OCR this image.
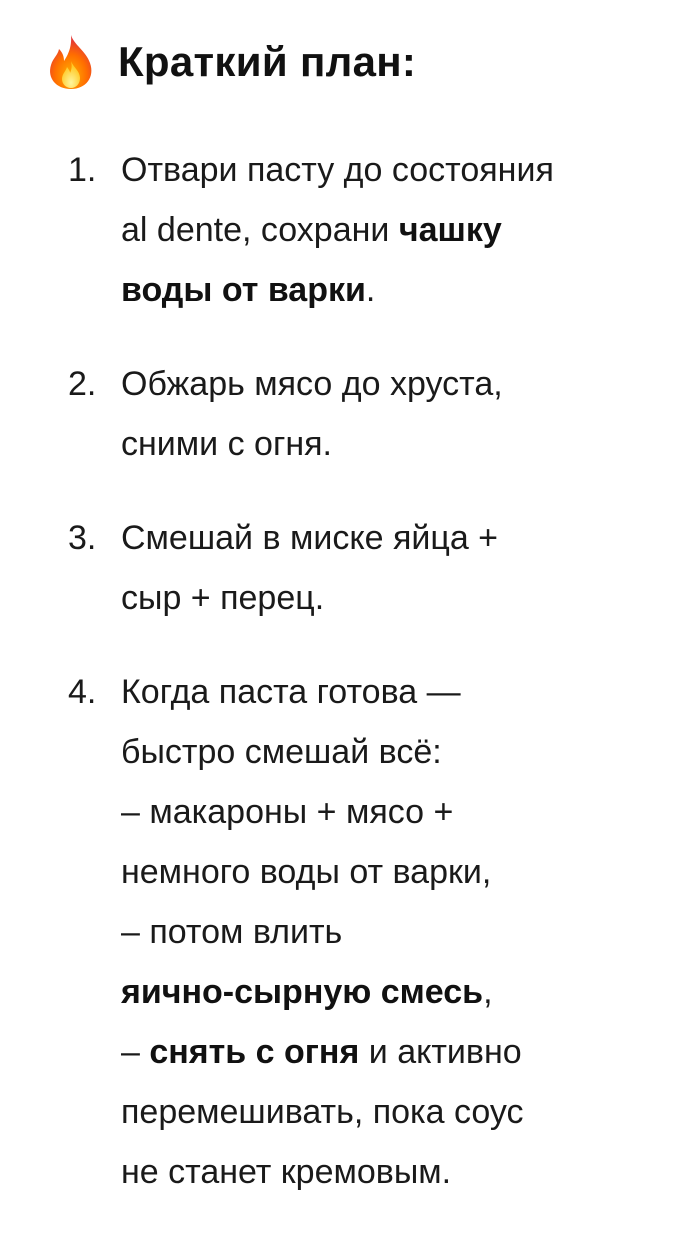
Краткий план:
1. Отвари пасту до состояния
al dente, сохрани чашку
воды от варки.
2. Обжарь мясо до хруста,
сними с огня.
3. Смешай в миске яйца +
сыр + перец.
4. Когда паста готова —
быстро смешай всё:
– макароны + мясо +
немного воды от варки,
– потом влить
яично‑сырную смесь,
– снять с огня и активно
перемешивать, пока соус
не станет кремовым.
